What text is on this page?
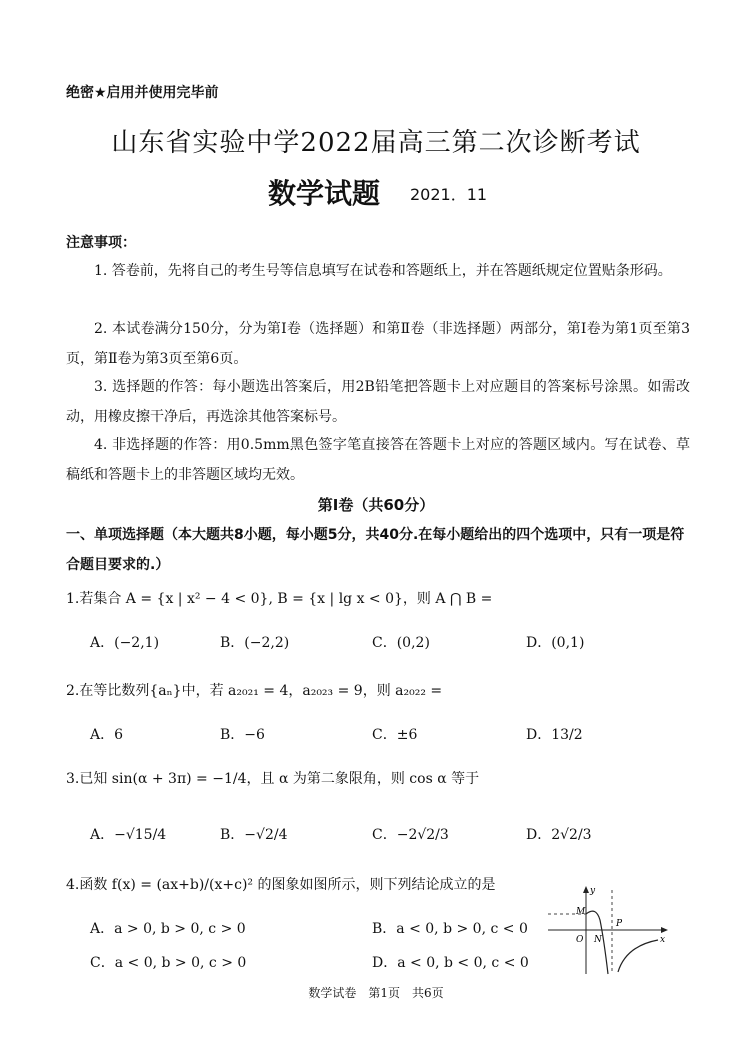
绝密★启用并使用完毕前
山东省实验中学2022届高三第二次诊断考试
数学试题 2021．11
注意事项：
1. 答卷前，先将自己的考生号等信息填写在试卷和答题纸上，并在答题纸规定位置贴条形码。
2. 本试卷满分150分，分为第Ⅰ卷（选择题）和第Ⅱ卷（非选择题）两部分，第Ⅰ卷为第1页至第3页，第Ⅱ卷为第3页至第6页。
3. 选择题的作答：每小题选出答案后，用2B铅笔把答题卡上对应题目的答案标号涂黑。如需改动，用橡皮擦干净后，再选涂其他答案标号。
4. 非选择题的作答：用0.5mm黑色签字笔直接答在答题卡上对应的答题区域内。写在试卷、草稿纸和答题卡上的非答题区域均无效。
第Ⅰ卷（共60分）
一、单项选择题（本大题共8小题，每小题5分，共40分.在每小题给出的四个选项中，只有一项是符合题目要求的.）
1.若集合 A = {x | x² − 4 < 0}, B = {x | lg x < 0}，则 A ⋂ B =
A．(−2,1)	B．(−2,2)	C．(0,2)	D．(0,1)
2.在等比数列{aₙ}中，若 a₂₀₂₁ = 4，a₂₀₂₃ = 9，则 a₂₀₂₂ =
A．6	B．−6	C．±6	D．13/2
3.已知 sin(α + 3π) = −1/4，且 α 为第二象限角，则 cos α 等于
A．−√15/4	B．−√2/4	C．−2√2/3	D．2√2/3
4.函数 f(x) = (ax+b)/(x+c)² 的图象如图所示，则下列结论成立的是
A．a > 0, b > 0, c > 0	B．a < 0, b > 0, c < 0
C．a < 0, b > 0, c > 0	D．a < 0, b < 0, c < 0
y
x
O
M
N
P
数学试卷　第1页　共6页
